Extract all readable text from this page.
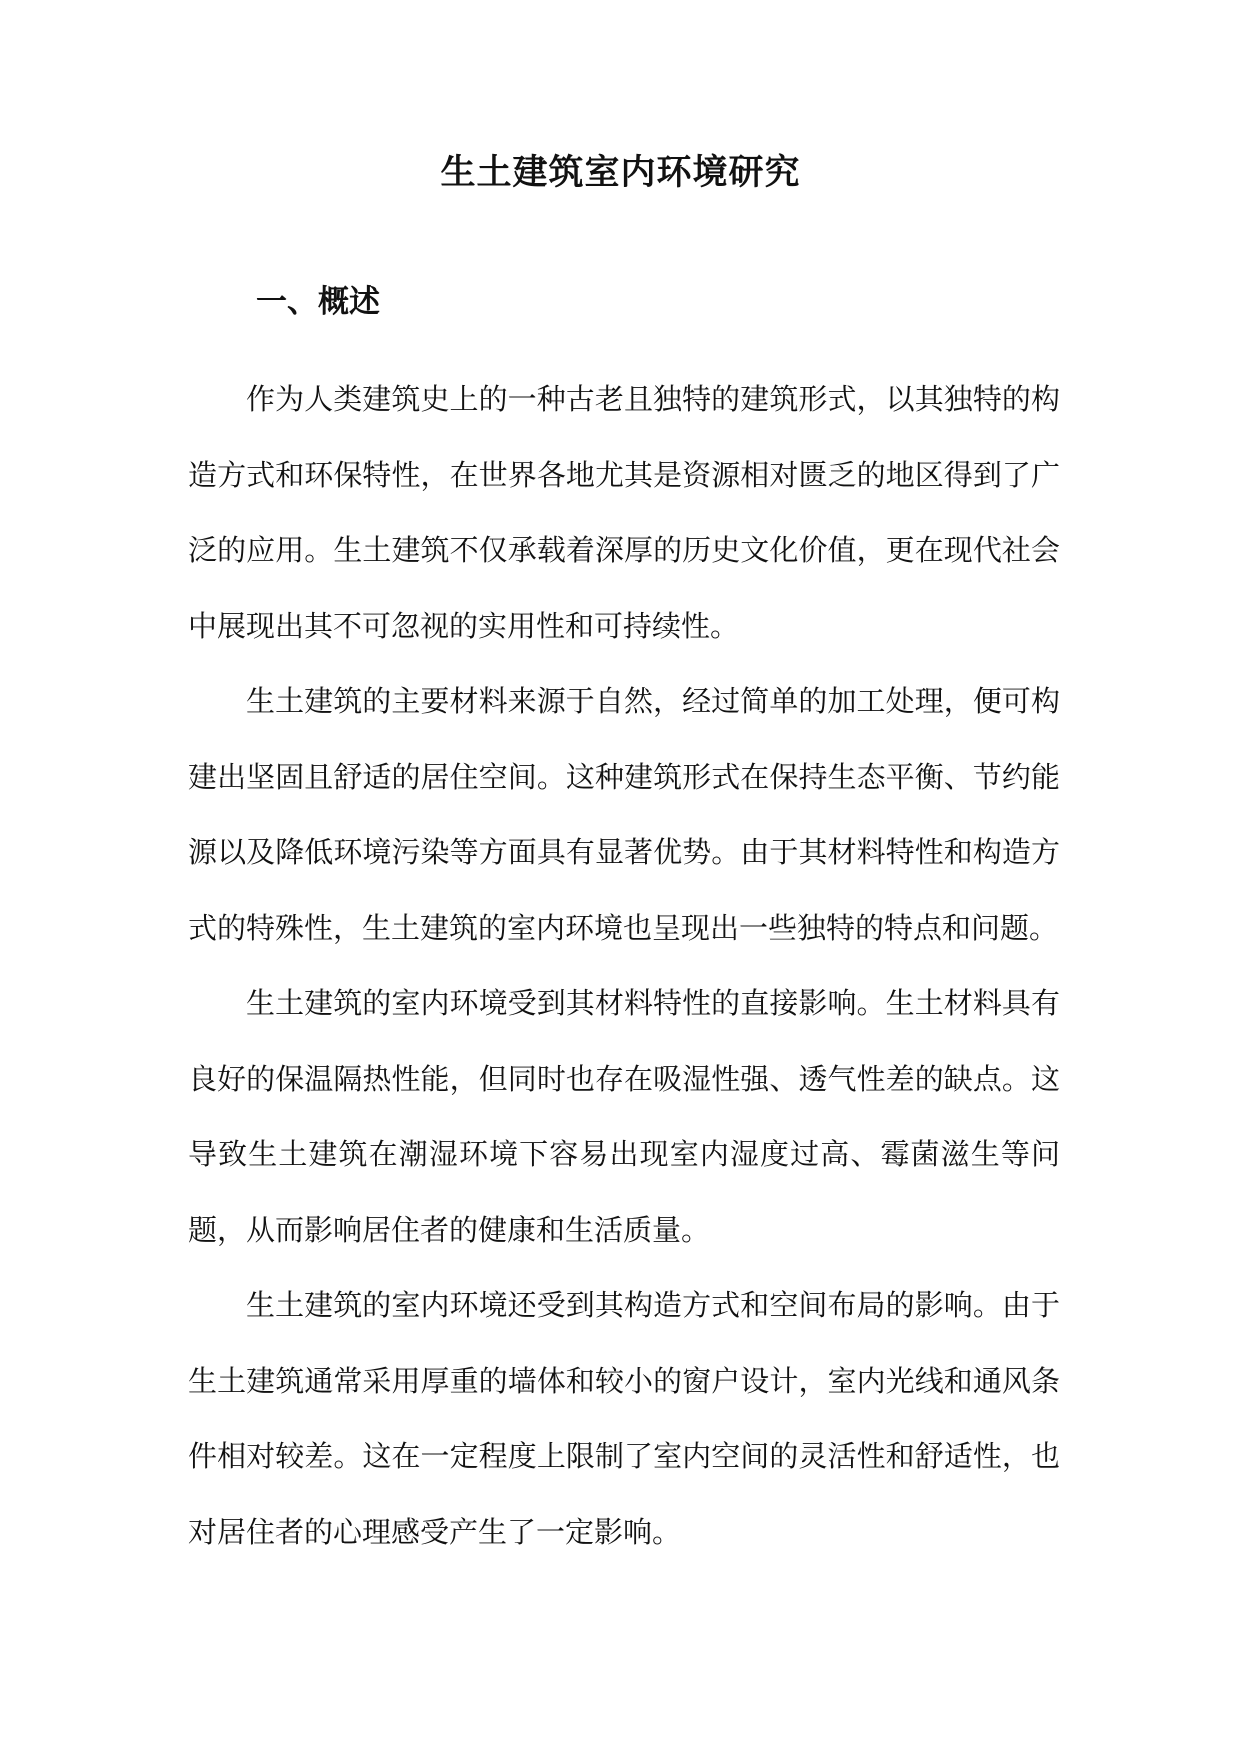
生土建筑室内环境研究
一、概述

作为人类建筑史上的一种古老且独特的建筑形式，以其独特的构造方式和环保特性，在世界各地尤其是资源相对匮乏的地区得到了广泛的应用。生土建筑不仅承载着深厚的历史文化价值，更在现代社会中展现出其不可忽视的实用性和可持续性。

生土建筑的主要材料来源于自然，经过简单的加工处理，便可构建出坚固且舒适的居住空间。这种建筑形式在保持生态平衡、节约能源以及降低环境污染等方面具有显著优势。由于其材料特性和构造方式的特殊性，生土建筑的室内环境也呈现出一些独特的特点和问题。

生土建筑的室内环境受到其材料特性的直接影响。生土材料具有良好的保温隔热性能，但同时也存在吸湿性强、透气性差的缺点。这导致生土建筑在潮湿环境下容易出现室内湿度过高、霉菌滋生等问题，从而影响居住者的健康和生活质量。

生土建筑的室内环境还受到其构造方式和空间布局的影响。由于生土建筑通常采用厚重的墙体和较小的窗户设计，室内光线和通风条件相对较差。这在一定程度上限制了室内空间的灵活性和舒适性，也对居住者的心理感受产生了一定影响。
